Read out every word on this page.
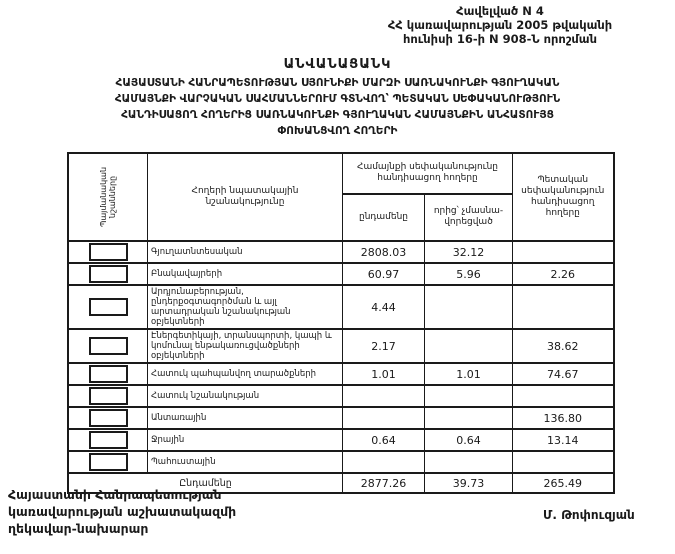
Հավելված N 4
ՀՀ կառավարության 2005 թվականի
հունիսի 16-ի N 908-Ն որոշման
ԱՆՎԱՆԱՑԱՆԿ
ՀԱՅԱՍՏԱՆԻ ՀԱՆՐԱՊԵՏՈՒԹՅԱՆ ՍՅՈՒՆԻՔԻ ՄԱՐԶԻ ՍԱՌՆԱԿՈՒՆՔԻ ԳՅՈՒՂԱԿԱՆ
ՀԱՄԱՅՆՔԻ ՎԱՐՉԱԿԱՆ ՍԱՀՄԱՆՆԵՐՈՒՄ ԳՏՆՎՈՂ՝ ՊԵՏԱԿԱՆ ՍԵՓԱԿԱՆՈՒԹՅՈՒՆ
ՀԱՆԴԻՍԱՑՈՂ ՀՈՂԵՐԻՑ ՍԱՌՆԱԿՈՒՆՔԻ ԳՅՈՒՂԱԿԱՆ ՀԱՄԱՅՆՔԻՆ ԱՆՀԱՏՈՒՅՑ
ՓՈԽԱՆՑՎՈՂ ՀՈՂԵՐԻ
Պայմանական նշանները	Հողերի նպատակային նշանակությունը	Համայնքի սեփականությունը հանդիսացող հողերը		Պետական սեփականություն հանդիսացող հողերը
		ընդամենը	որից՝ չմասնավորեցված	

	Գյուղատնտեսական	2808.03	32.12	

	Բնակավայրերի	60.97	5.96	2.26

	Արդյունաբերության, ընդերքօգտագործման և այլ արտադրական նշանակության օբյեկտների	4.44		

	Էներգետիկայի, տրանսպորտի, կապի և կոմունալ ենթակառուցվածքների օբյեկտների	2.17		38.62

	Հատուկ պահպանվող տարածքների	1.01	1.01	74.67

	Հատուկ նշանակության			

	Անտառային			136.80

	Ջրային	0.64	0.64	13.14

	Պահուստային			
Ընդամենը		2877.26	39.73	265.49
Հայաստանի Հանրապետության
կառավարության աշխատակազմի
ղեկավար-նախարար
Մ. Թոփուզյան
